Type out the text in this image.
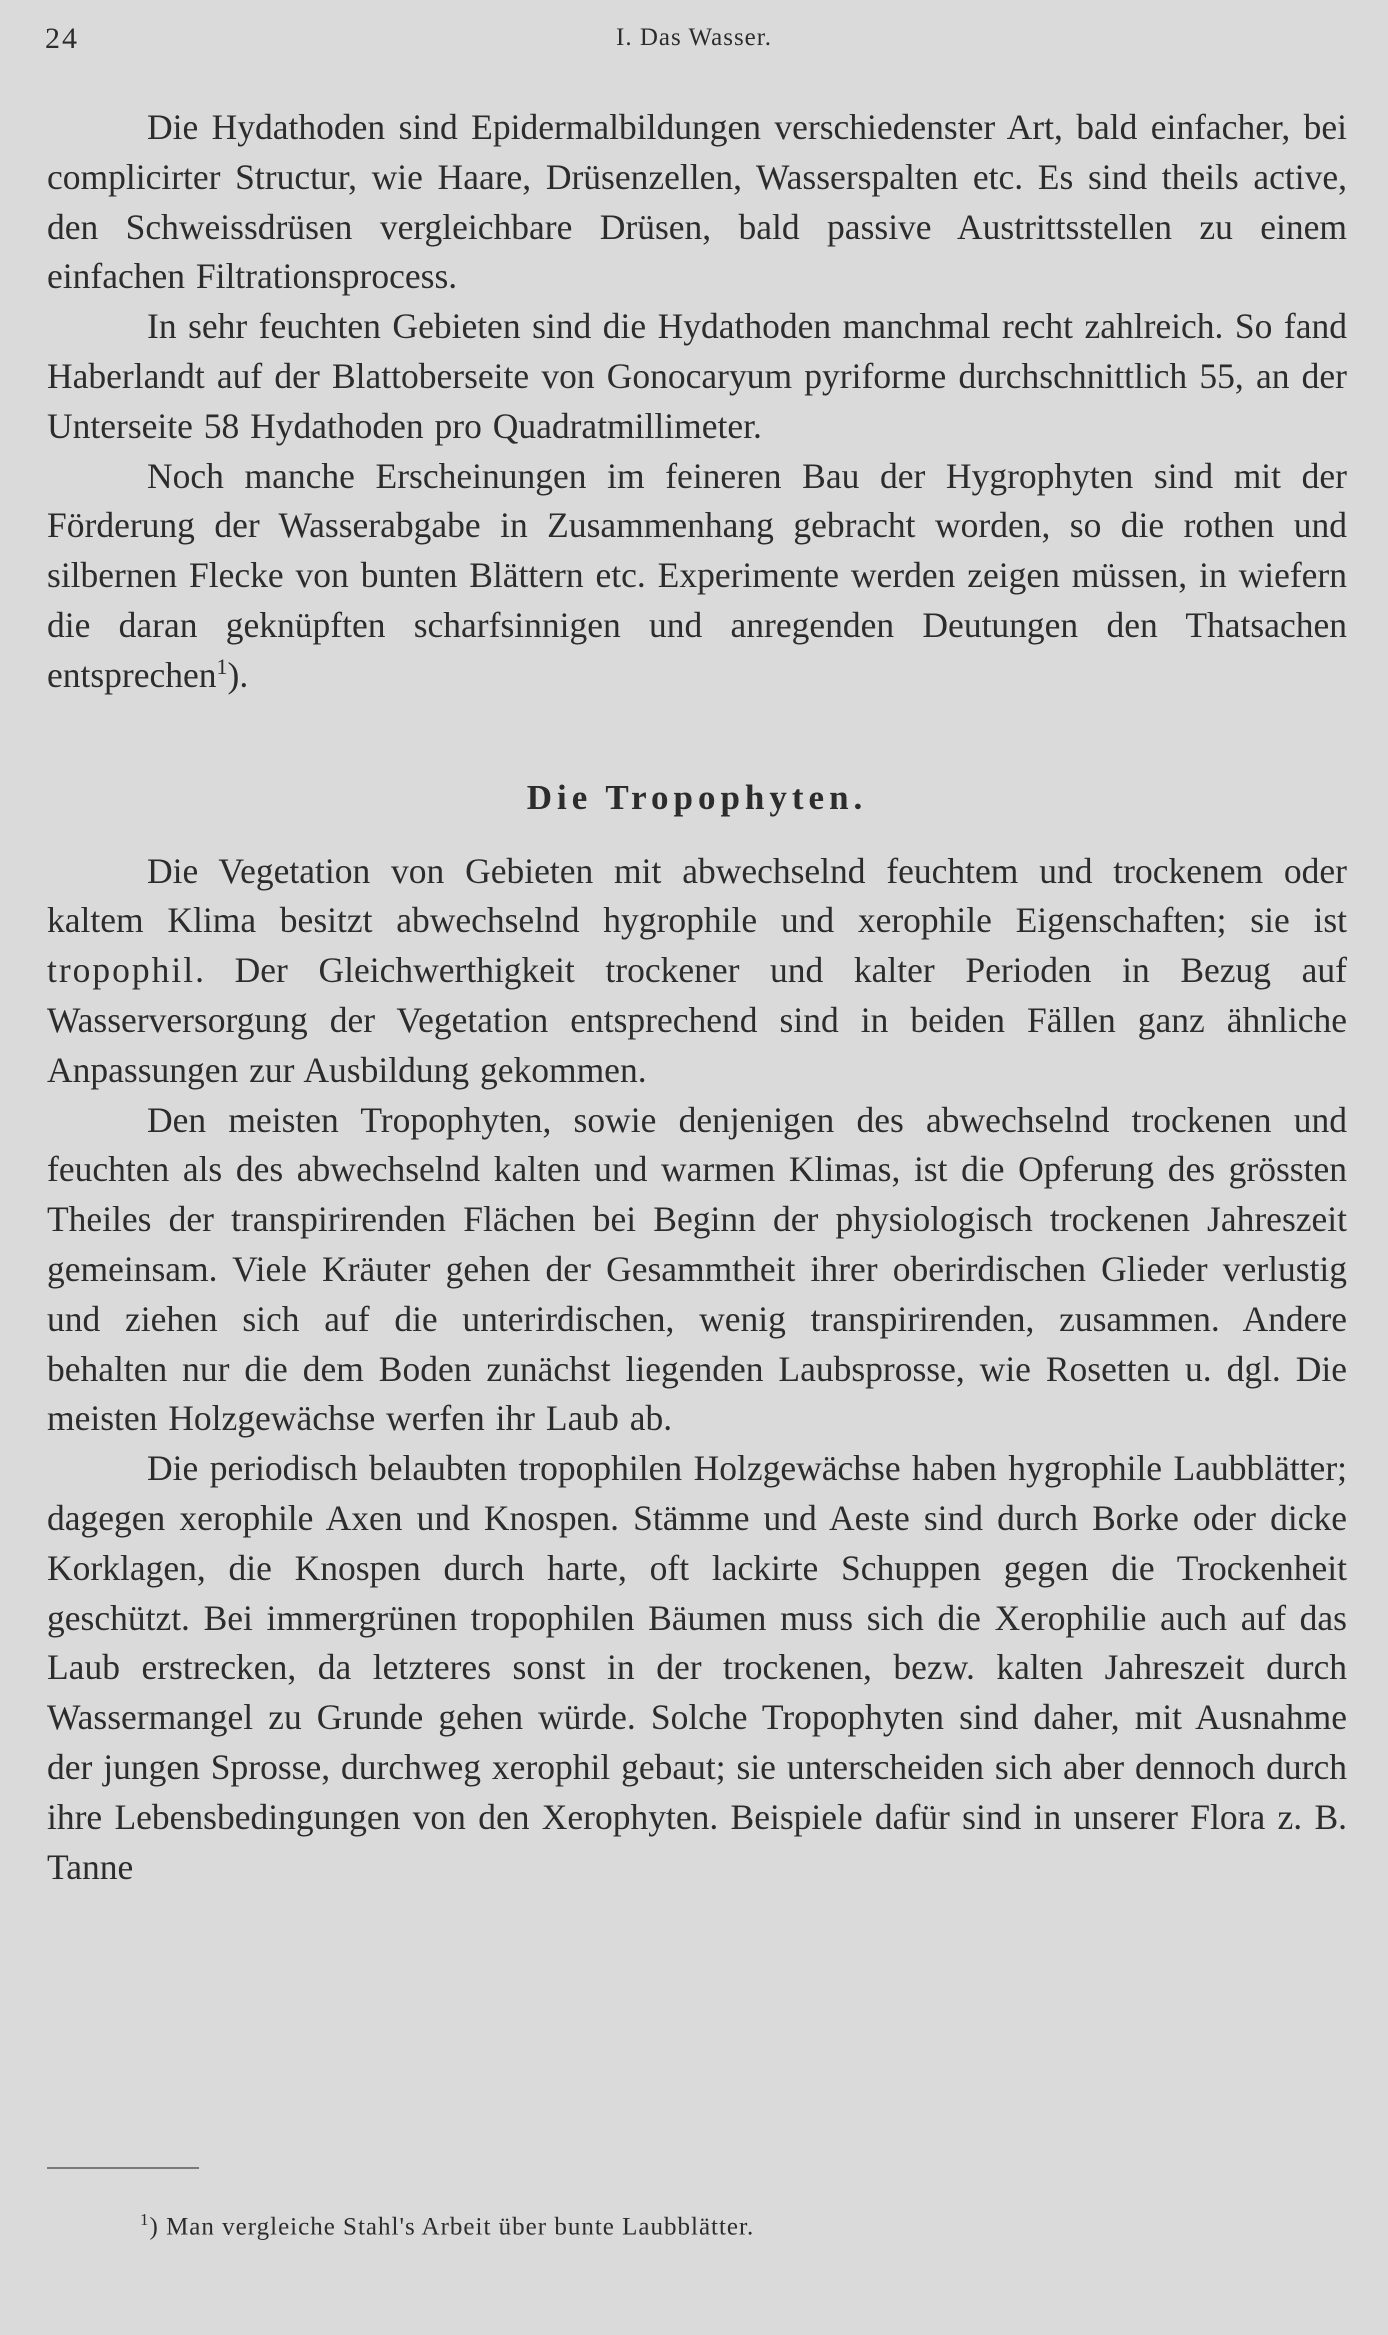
24	I. Das Wasser.

Die Hydathoden sind Epidermalbildungen verschiedenster Art, bald einfacher, bei complicirter Structur, wie Haare, Drüsenzellen, Wasserspalten etc. Es sind theils active, den Schweissdrüsen vergleichbare Drüsen, bald passive Austrittsstellen zu einem einfachen Filtrationsprocess.

In sehr feuchten Gebieten sind die Hydathoden manchmal recht zahlreich. So fand Haberlandt auf der Blattoberseite von Gonocaryum pyriforme durchschnittlich 55, an der Unterseite 58 Hydathoden pro Quadratmillimeter.

Noch manche Erscheinungen im feineren Bau der Hygrophyten sind mit der Förderung der Wasserabgabe in Zusammenhang gebracht worden, so die rothen und silbernen Flecke von bunten Blättern etc. Experimente werden zeigen müssen, in wiefern die daran geknüpften scharfsinnigen und anregenden Deutungen den Thatsachen entsprechen$^1$).

Die Tropophyten.

Die Vegetation von Gebieten mit abwechselnd feuchtem und trockenem oder kaltem Klima besitzt abwechselnd hygrophile und xerophile Eigenschaften; sie ist tropophil. Der Gleichwerthigkeit trockener und kalter Perioden in Bezug auf Wasserversorgung der Vegetation entsprechend sind in beiden Fällen ganz ähnliche Anpassungen zur Ausbildung gekommen.

Den meisten Tropophyten, sowie denjenigen des abwechselnd trockenen und feuchten als des abwechselnd kalten und warmen Klimas, ist die Opferung des grössten Theiles der transpirirenden Flächen bei Beginn der physiologisch trockenen Jahreszeit gemeinsam. Viele Kräuter gehen der Gesammtheit ihrer oberirdischen Glieder verlustig und ziehen sich auf die unterirdischen, wenig transpirirenden, zusammen. Andere behalten nur die dem Boden zunächst liegenden Laubsprosse, wie Rosetten u. dgl. Die meisten Holzgewächse werfen ihr Laub ab.

Die periodisch belaubten tropophilen Holzgewächse haben hygrophile Laubblätter; dagegen xerophile Axen und Knospen. Stämme und Aeste sind durch Borke oder dicke Korklagen, die Knospen durch harte, oft lackirte Schuppen gegen die Trockenheit geschützt. Bei immergrünen tropophilen Bäumen muss sich die Xerophilie auch auf das Laub erstrecken, da letzteres sonst in der trockenen, bezw. kalten Jahreszeit durch Wassermangel zu Grunde gehen würde. Solche Tropophyten sind daher, mit Ausnahme der jungen Sprosse, durchweg xerophil gebaut; sie unterscheiden sich aber dennoch durch ihre Lebensbedingungen von den Xerophyten. Beispiele dafür sind in unserer Flora z. B. Tanne

$^1$) Man vergleiche Stahl's Arbeit über bunte Laubblätter.
